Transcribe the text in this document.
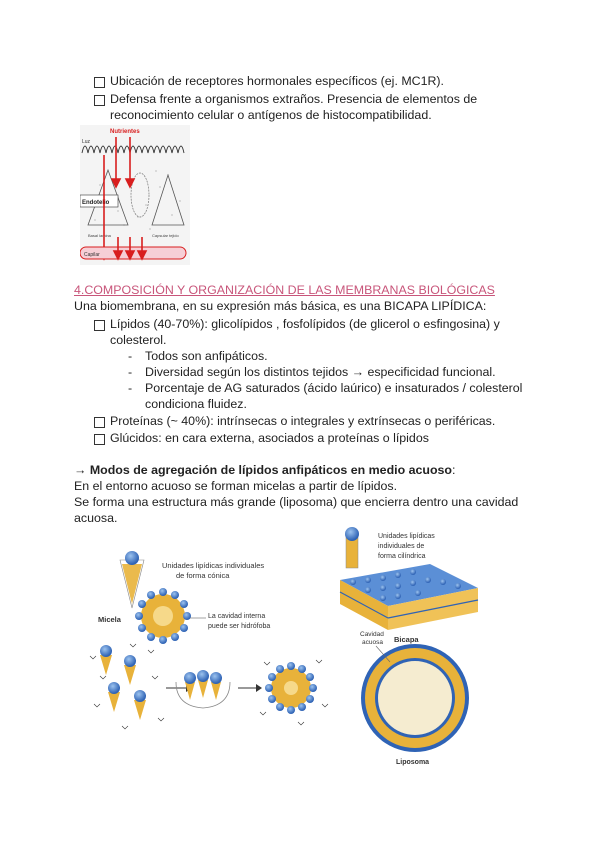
Ubicación de receptores hormonales específicos (ej. MC1R).
Defensa frente a organismos extraños. Presencia de elementos de
reconocimiento celular o antígenos de histocompatibilidad.
Endotelio
Luz
Nutrientes
Basal lamina	Capsular tejido
Capilar
4.COMPOSICIÓN Y ORGANIZACIÓN DE LAS MEMBRANAS BIOLÓGICAS
Una biomembrana, en su expresión más básica, es una BICAPA LIPÍDICA:
Lípidos (40-70%): glicolípidos , fosfolípidos (de glicerol o esfingosina) y
colesterol.
- Todos son anfipáticos.
- Diversidad según los distintos tejidos → especificidad funcional.
- Porcentaje de AG saturados (ácido laúrico) e insaturados / colesterol
condiciona fluidez.
Proteínas (~ 40%): intrínsecas o integrales y extrínsecas o periféricas.
Glúcidos: en cara externa, asociados a proteínas o lípidos
→ Modos de agregación de lípidos anfipáticos en medio acuoso:
En el entorno acuoso se forman micelas a partir de lípidos.
Se forma una estructura más grande (liposoma) que encierra dentro una cavidad
acuosa.
Unidades lipídicas individuales
de forma cónica
Micela	La cavidad interna
puede ser hidrófoba
Unidades lipídicas
individuales de
forma cilíndrica
Bicapa
Cavidad
acuosa
Liposoma
